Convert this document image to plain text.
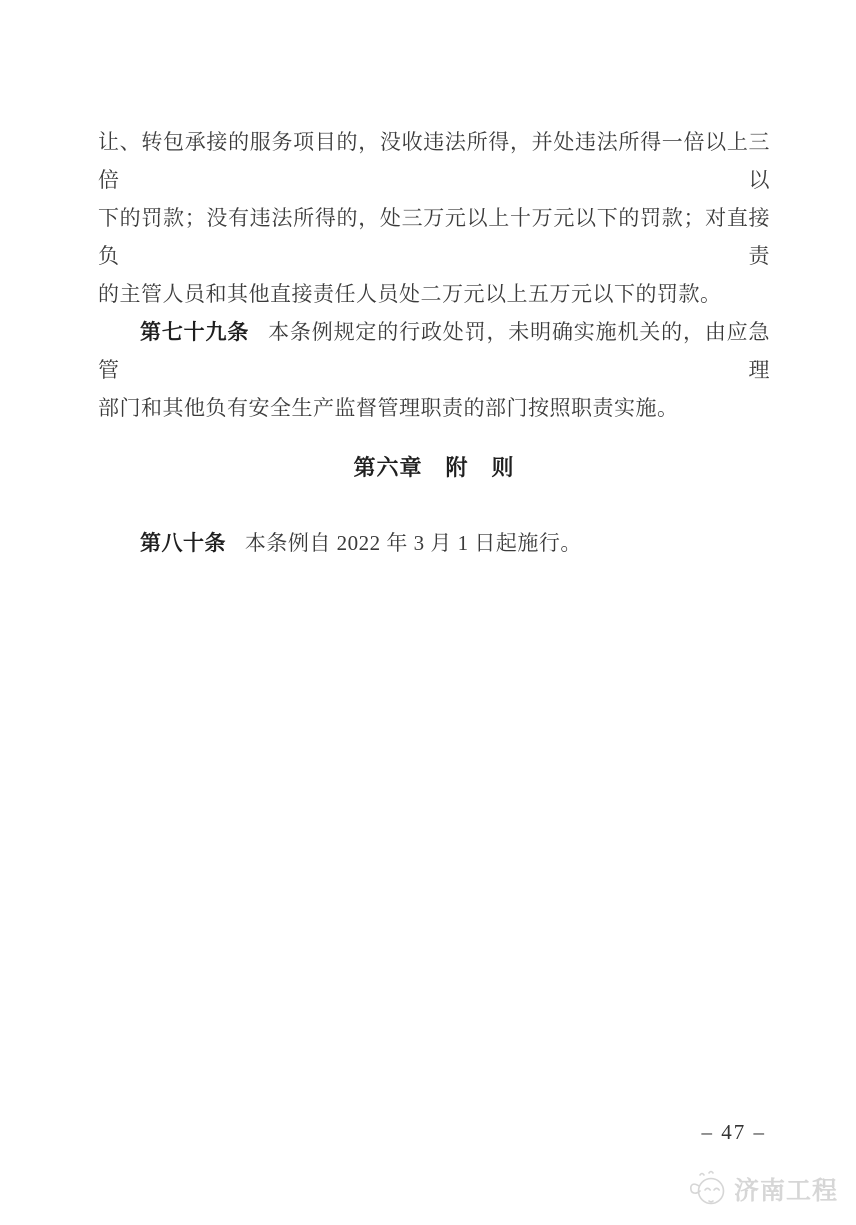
让、转包承接的服务项目的，没收违法所得，并处违法所得一倍以上三倍以

下的罚款；没有违法所得的，处三万元以上十万元以下的罚款；对直接负责

的主管人员和其他直接责任人员处二万元以上五万元以下的罚款。

第七十九条 本条例规定的行政处罚，未明确实施机关的，由应急管理

部门和其他负有安全生产监督管理职责的部门按照职责实施。

第六章　附　则

第八十条 本条例自 2022 年 3 月 1 日起施行。

– 47 –
济南工程
